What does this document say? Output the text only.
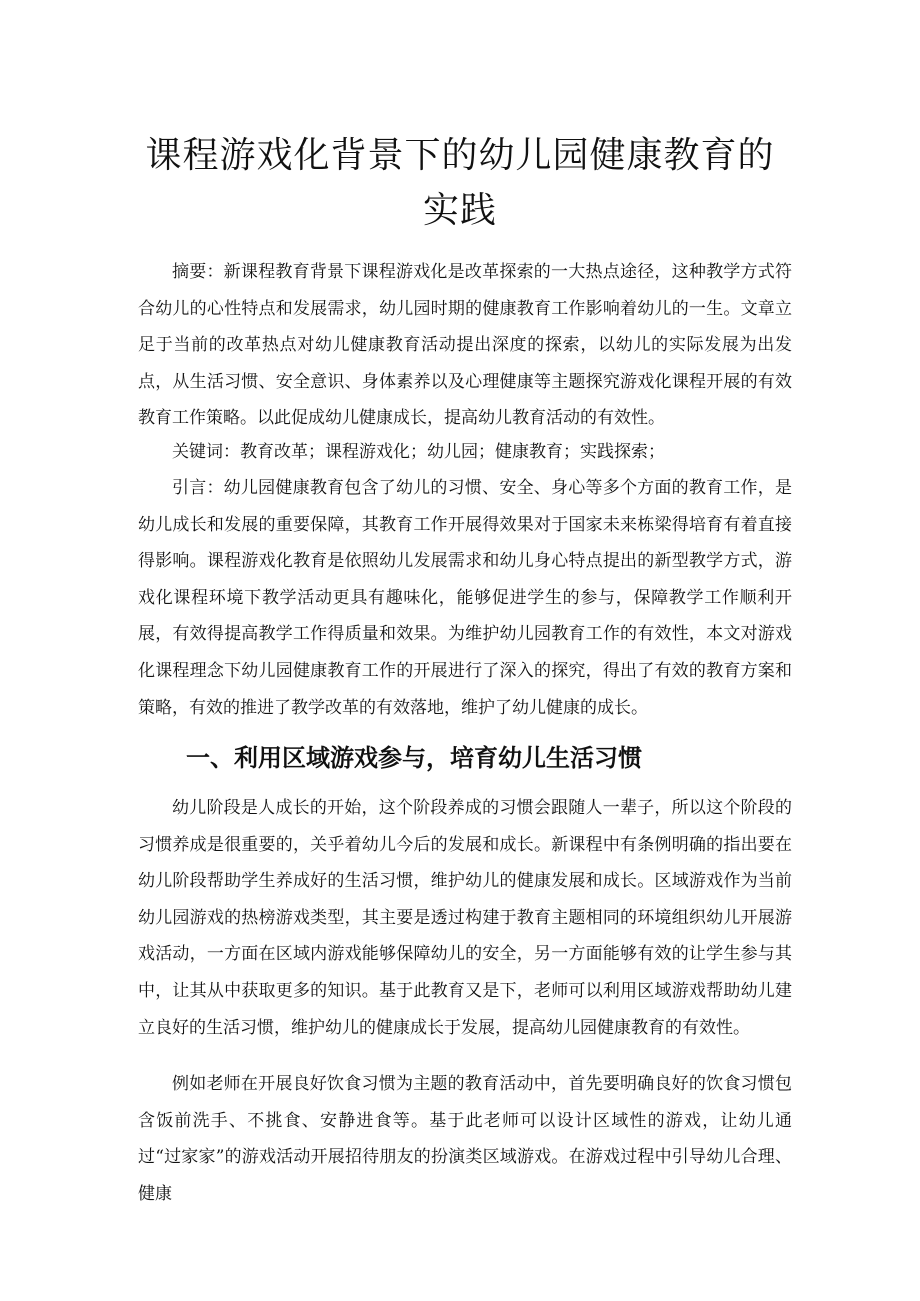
课程游戏化背景下的幼儿园健康教育的实践

摘要：新课程教育背景下课程游戏化是改革探索的一大热点途径，这种教学方式符合幼儿的心性特点和发展需求，幼儿园时期的健康教育工作影响着幼儿的一生。文章立足于当前的改革热点对幼儿健康教育活动提出深度的探索，以幼儿的实际发展为出发点，从生活习惯、安全意识、身体素养以及心理健康等主题探究游戏化课程开展的有效教育工作策略。以此促成幼儿健康成长，提高幼儿教育活动的有效性。

关键词：教育改革；课程游戏化；幼儿园；健康教育；实践探索；

引言：幼儿园健康教育包含了幼儿的习惯、安全、身心等多个方面的教育工作，是幼儿成长和发展的重要保障，其教育工作开展得效果对于国家未来栋梁得培育有着直接得影响。课程游戏化教育是依照幼儿发展需求和幼儿身心特点提出的新型教学方式，游戏化课程环境下教学活动更具有趣味化，能够促进学生的参与，保障教学工作顺利开展，有效得提高教学工作得质量和效果。为维护幼儿园教育工作的有效性，本文对游戏化课程理念下幼儿园健康教育工作的开展进行了深入的探究，得出了有效的教育方案和策略，有效的推进了教学改革的有效落地，维护了幼儿健康的成长。

一、利用区域游戏参与，培育幼儿生活习惯

幼儿阶段是人成长的开始，这个阶段养成的习惯会跟随人一辈子，所以这个阶段的习惯养成是很重要的，关乎着幼儿今后的发展和成长。新课程中有条例明确的指出要在幼儿阶段帮助学生养成好的生活习惯，维护幼儿的健康发展和成长。区域游戏作为当前幼儿园游戏的热榜游戏类型，其主要是透过构建于教育主题相同的环境组织幼儿开展游戏活动，一方面在区域内游戏能够保障幼儿的安全，另一方面能够有效的让学生参与其中，让其从中获取更多的知识。基于此教育又是下，老师可以利用区域游戏帮助幼儿建立良好的生活习惯，维护幼儿的健康成长于发展，提高幼儿园健康教育的有效性。

例如老师在开展良好饮食习惯为主题的教育活动中，首先要明确良好的饮食习惯包含饭前洗手、不挑食、安静进食等。基于此老师可以设计区域性的游戏，让幼儿通过“过家家”的游戏活动开展招待朋友的扮演类区域游戏。在游戏过程中引导幼儿合理、健康
